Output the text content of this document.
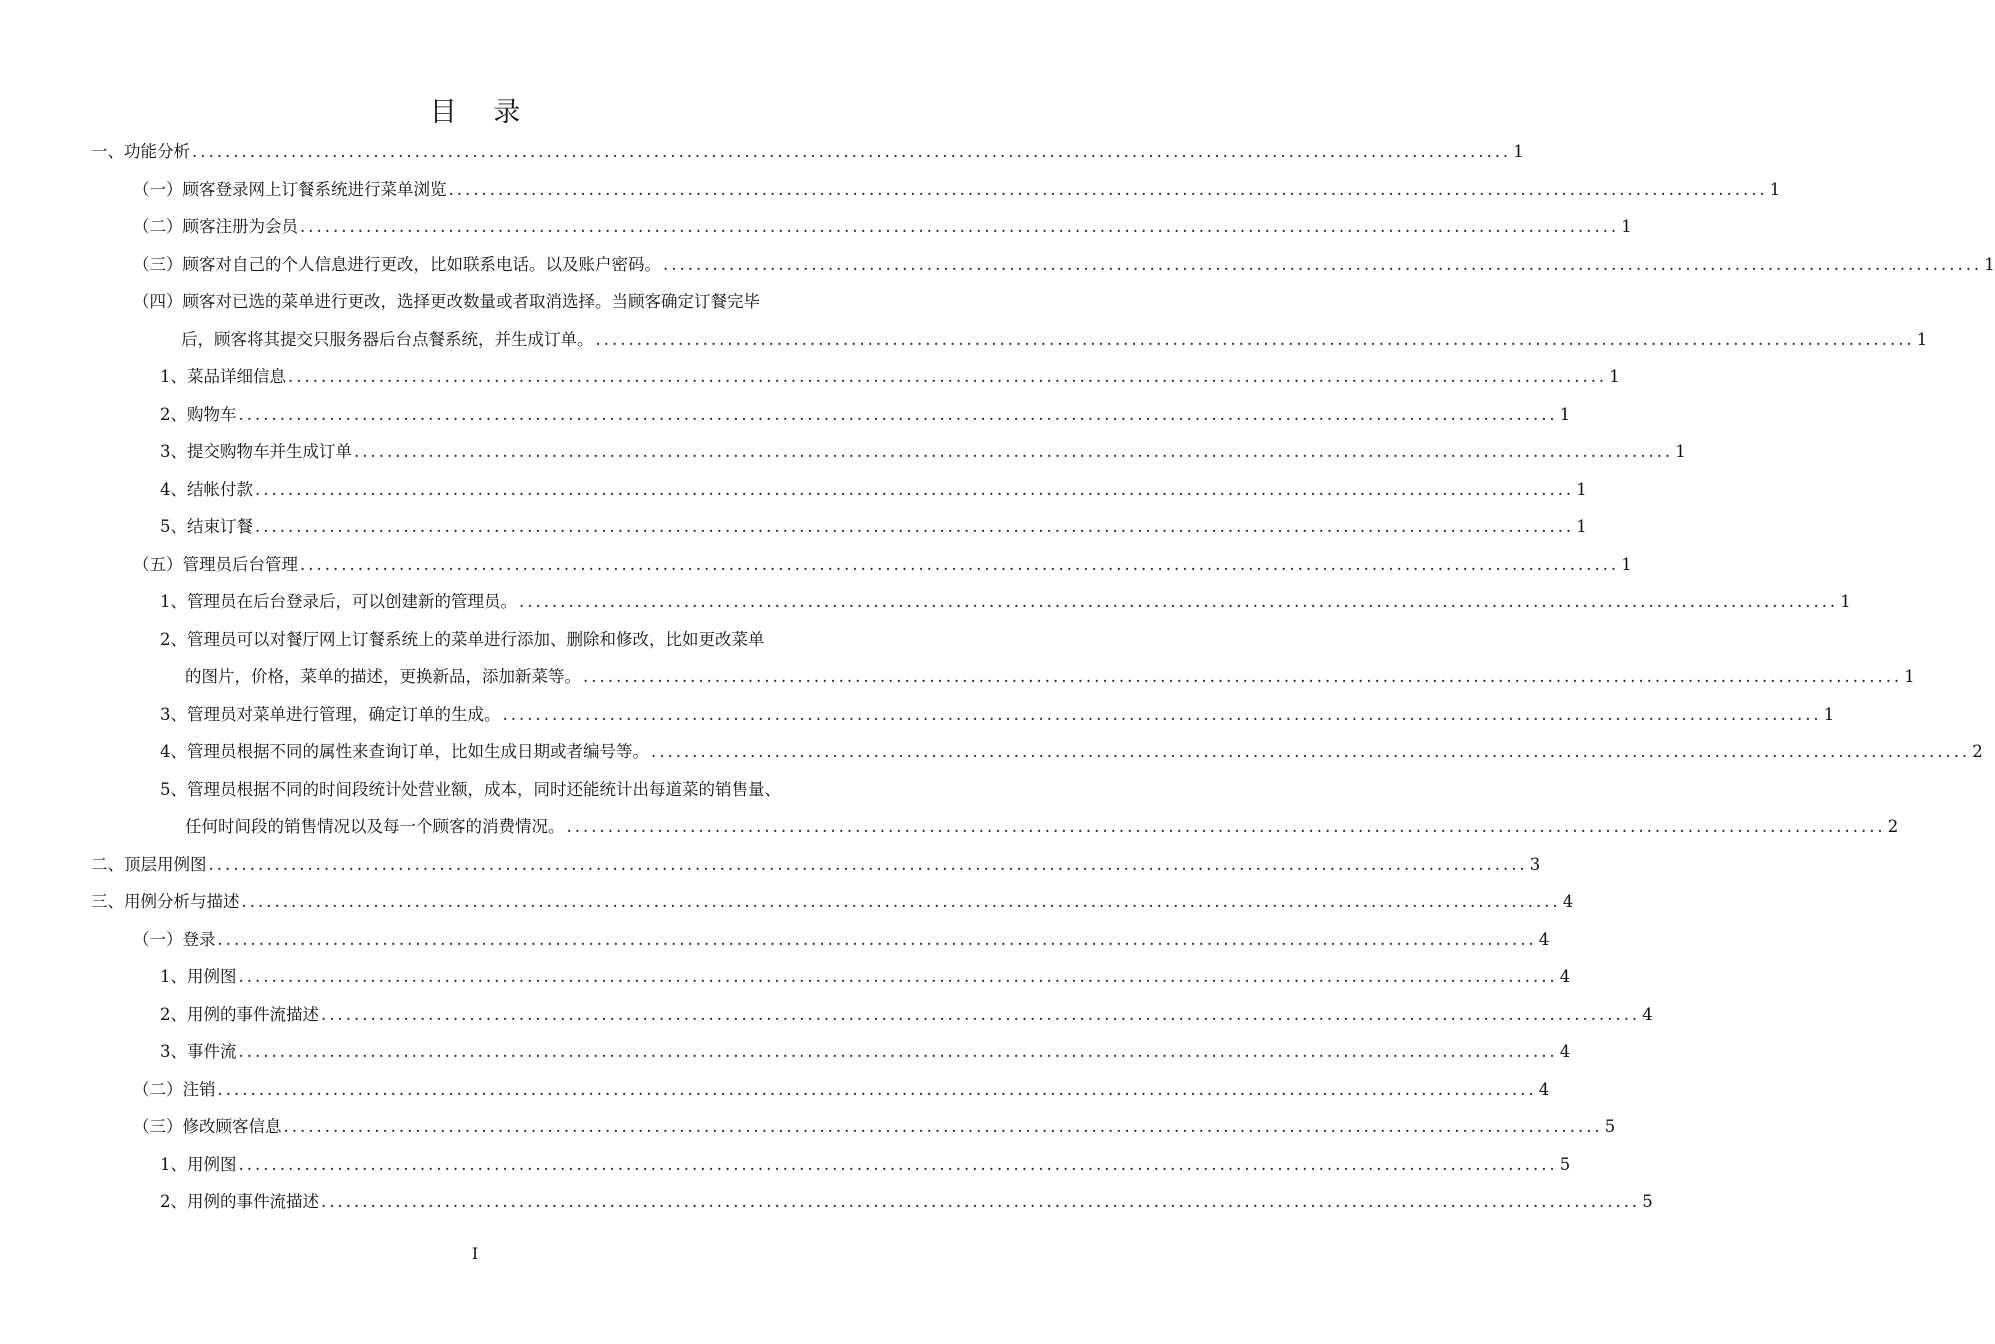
目 录
一、功能分析 ................................................................................................................................................................ 1
（一）顾客登录网上订餐系统进行菜单浏览 ................................................................................................................................................................ 1
（二）顾客注册为会员 ................................................................................................................................................................ 1
（三）顾客对自己的个人信息进行更改，比如联系电话。以及账户密码。 ................................................................................................................................................................ 1
（四）顾客对已选的菜单进行更改，选择更改数量或者取消选择。当顾客确定订餐完毕
后，顾客将其提交只服务器后台点餐系统，并生成订单。 ................................................................................................................................................................ 1
1、菜品详细信息 ................................................................................................................................................................ 1
2、购物车 ................................................................................................................................................................ 1
3、提交购物车并生成订单 ................................................................................................................................................................ 1
4、结帐付款 ................................................................................................................................................................ 1
5、结束订餐 ................................................................................................................................................................ 1
（五）管理员后台管理 ................................................................................................................................................................ 1
1、管理员在后台登录后，可以创建新的管理员。 ................................................................................................................................................................ 1
2、管理员可以对餐厅网上订餐系统上的菜单进行添加、删除和修改，比如更改菜单
的图片，价格，菜单的描述，更换新品，添加新菜等。 ................................................................................................................................................................ 1
3、管理员对菜单进行管理，确定订单的生成。 ................................................................................................................................................................ 1
4、管理员根据不同的属性来查询订单，比如生成日期或者编号等。 ................................................................................................................................................................ 2
5、管理员根据不同的时间段统计处营业额，成本，同时还能统计出每道菜的销售量、
任何时间段的销售情况以及每一个顾客的消费情况。 ................................................................................................................................................................ 2
二、顶层用例图 ................................................................................................................................................................ 3
三、用例分析与描述 ................................................................................................................................................................ 4
（一）登录 ................................................................................................................................................................ 4
1、用例图 ................................................................................................................................................................ 4
2、用例的事件流描述 ................................................................................................................................................................ 4
3、事件流 ................................................................................................................................................................ 4
（二）注销 ................................................................................................................................................................ 4
（三）修改顾客信息 ................................................................................................................................................................ 5
1、用例图 ................................................................................................................................................................ 5
2、用例的事件流描述 ................................................................................................................................................................ 5
I
